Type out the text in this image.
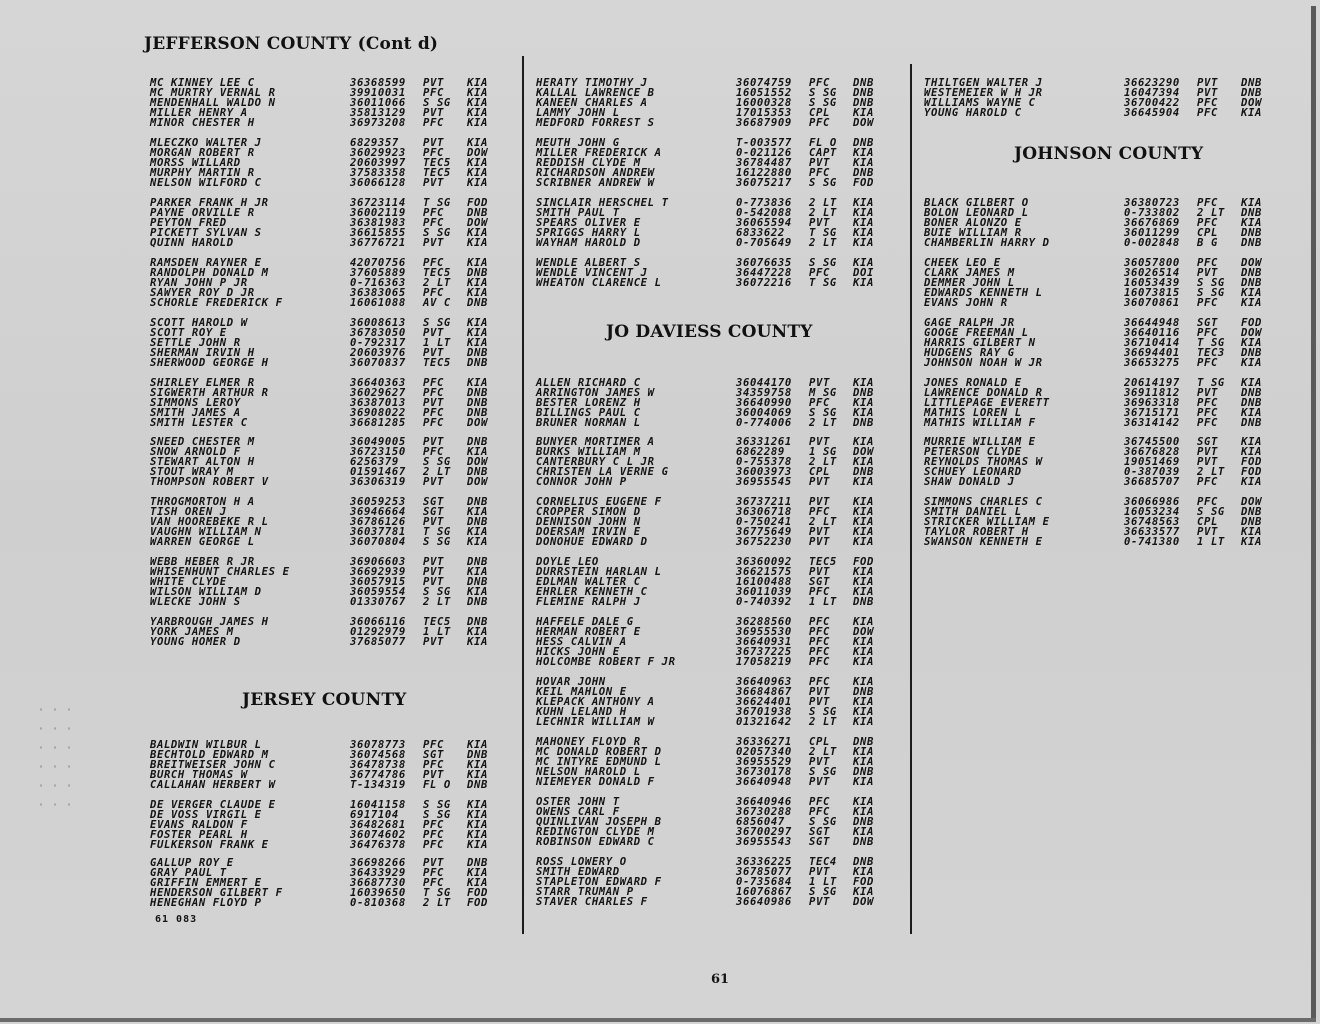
JEFFERSON COUNTY (Cont d)
MC KINNEY LEE C	36368599 PVT KIA
MC MURTRY VERNAL R	39910031 PFC KIA
MENDENHALL WALDO N	36011066 S SG KIA
MILLER HENRY A	35813129 PVT KIA
MINOR CHESTER H	36973208 PFC KIA
MLECZKO WALTER J	6829357 PVT KIA
MORGAN ROBERT R	36029923 PFC DOW
MORSS WILLARD	20603997 TEC5 KIA
MURPHY MARTIN R	37583358 TEC5 KIA
NELSON WILFORD C	36066128 PVT KIA
PARKER FRANK H JR	36723114 T SG FOD
PAYNE ORVILLE R	36002119 PFC DNB
PEYTON FRED	36381983 PFC DOW
PICKETT SYLVAN S	36615855 S SG KIA
QUINN HAROLD	36776721 PVT KIA
RAMSDEN RAYNER E	42070756 PFC KIA
RANDOLPH DONALD M	37605889 TEC5 DNB
RYAN JOHN P JR	0-716363 2 LT KIA
SAWYER ROY D JR	36383065 PFC KIA
SCHORLE FREDERICK F	16061088 AV C DNB
SCOTT HAROLD W	36008613 S SG KIA
SCOTT ROY E	36783050 PVT KIA
SETTLE JOHN R	0-792317 1 LT KIA
SHERMAN IRVIN H	20603976 PVT DNB
SHERWOOD GEORGE H	36070837 TEC5 DNB
SHIRLEY ELMER R	36640363 PFC KIA
SIGWERTH ARTHUR R	36029627 PFC DNB
SIMMONS LEROY	36387013 PVT DNB
SMITH JAMES A	36908022 PFC DNB
SMITH LESTER C	36681285 PFC DOW
SNEED CHESTER M	36049005 PVT DNB
SNOW ARNOLD F	36723150 PFC KIA
STEWART ALTON H	6256379 S SG DOW
STOUT WRAY M	01591467 2 LT DNB
THOMPSON ROBERT V	36306319 PVT DOW
THROGMORTON H A	36059253 SGT DNB
TISH OREN J	36946664 SGT KIA
VAN HOOREBEKE R L	36786126 PVT DNB
VAUGHN WILLIAM N	36037781 T SG KIA
WARREN GEORGE L	36070804 S SG KIA
WEBB HEBER R JR	36906603 PVT DNB
WHISENHUNT CHARLES E	36692939 PVT KIA
WHITE CLYDE	36057915 PVT DNB
WILSON WILLIAM D	36059554 S SG KIA
WLECKE JOHN S	01330767 2 LT DNB
YARBROUGH JAMES H	36066116 TEC5 DNB
YORK JAMES M	01292979 1 LT KIA
YOUNG HOMER D	37685077 PVT KIA
JERSEY COUNTY
BALDWIN WILBUR L	36078773 PFC KIA
BECHTOLD EDWARD M	36074568 SGT DNB
BREITWEISER JOHN C	36478738 PFC KIA
BURCH THOMAS W	36774786 PVT KIA
CALLAHAN HERBERT W	T-134319 FL O DNB
DE VERGER CLAUDE E	16041158 S SG KIA
DE VOSS VIRGIL E	6917104 S SG KIA
EVANS RALDON F	36482681 PFC KIA
FOSTER PEARL H	36074602 PFC KIA
FULKERSON FRANK E	36476378 PFC KIA
GALLUP ROY E	36698266 PVT DNB
GRAY PAUL T	36433929 PFC KIA
GRIFFIN EMMERT E	36687730 PFC KIA
HENDERSON GILBERT F	16039650 T SG FOD
HENEGHAN FLOYD P	0-810368 2 LT FOD
HERATY TIMOTHY J	36074759 PFC DNB
KALLAL LAWRENCE B	16051552 S SG DNB
KANEEN CHARLES A	16000328 S SG DNB
LAMMY JOHN L	17015353 CPL KIA
MEDFORD FORREST S	36687909 PFC DOW
MEUTH JOHN G	T-003577 FL O DNB
MILLER FREDERICK A	0-021126 CAPT KIA
REDDISH CLYDE M	36784487 PVT KIA
RICHARDSON ANDREW	16122880 PFC DNB
SCRIBNER ANDREW W	36075217 S SG FOD
SINCLAIR HERSCHEL T	0-773836 2 LT KIA
SMITH PAUL T	0-542088 2 LT KIA
SPEARS OLIVER E	36065594 PVT KIA
SPRIGGS HARRY L	6833622 T SG KIA
WAYHAM HAROLD D	0-705649 2 LT KIA
WENDLE ALBERT S	36076635 S SG KIA
WENDLE VINCENT J	36447228 PFC DOI
WHEATON CLARENCE L	36072216 T SG KIA
JO DAVIESS COUNTY
ALLEN RICHARD C	36044170 PVT KIA
ARRINGTON JAMES W	34359758 M SG DNB
BESTER LORENZ H	36640990 PFC KIA
BILLINGS PAUL C	36004069 S SG KIA
BRUNER NORMAN L	0-774006 2 LT DNB
BUNYER MORTIMER A	36331261 PVT KIA
BURKS WILLIAM M	6862289 1 SG DOW
CANTERBURY C L JR	0-755378 2 LT KIA
CHRISTEN LA VERNE G	36003973 CPL DNB
CONNOR JOHN P	36955545 PVT KIA
CORNELIUS EUGENE F	36737211 PVT KIA
CROPPER SIMON D	36306718 PFC KIA
DENNISON JOHN N	0-750241 2 LT KIA
DOERSAM IRVIN E	36775649 PVT KIA
DONOHUE EDWARD D	36752230 PVT KIA
DOYLE LEO	36360092 TEC5 FOD
DURRSTEIN HARLAN L	36621575 PVT KIA
EDLMAN WALTER C	16100488 SGT KIA
EHRLER KENNETH C	36011039 PFC KIA
FLEMINE RALPH J	0-740392 1 LT DNB
HAFFELE DALE G	36288560 PFC KIA
HERMAN ROBERT E	36955530 PFC DOW
HESS CALVIN A	36640931 PFC KIA
HICKS JOHN E	36737225 PFC KIA
HOLCOMBE ROBERT F JR	17058219 PFC KIA
HOVAR JOHN	36640963 PFC KIA
KEIL MAHLON E	36684867 PVT DNB
KLEPACK ANTHONY A	36624401 PVT KIA
KUHN LELAND H	36701938 S SG KIA
LECHNIR WILLIAM W	01321642 2 LT KIA
MAHONEY FLOYD R	36336271 CPL DNB
MC DONALD ROBERT D	02057340 2 LT KIA
MC INTYRE EDMUND L	36955529 PVT KIA
NELSON HAROLD L	36730178 S SG DNB
NIEMEYER DONALD F	36640948 PVT KIA
OSTER JOHN T	36640946 PFC KIA
OWENS CARL F	36730288 PFC KIA
QUINLIVAN JOSEPH B	6856047 S SG DNB
REDINGTON CLYDE M	36700297 SGT KIA
ROBINSON EDWARD C	36955543 SGT DNB
ROSS LOWERY O	36336225 TEC4 DNB
SMITH EDWARD	36785077 PVT KIA
STAPLETON EDWARD F	0-735684 1 LT FOD
STARR TRUMAN P	16076867 S SG KIA
STAVER CHARLES F	36640986 PVT DOW
THILTGEN WALTER J	36623290 PVT DNB
WESTEMEIER W H JR	16047394 PVT DNB
WILLIAMS WAYNE C	36700422 PFC DOW
YOUNG HAROLD C	36645904 PFC KIA
JOHNSON COUNTY
BLACK GILBERT O	36380723 PFC KIA
BOLON LEONARD L	0-733802 2 LT DNB
BONER ALONZO E	36676869 PFC KIA
BUIE WILLIAM R	36011299 CPL DNB
CHAMBERLIN HARRY D	0-002848 B G DNB
CHEEK LEO E	36057800 PFC DOW
CLARK JAMES M	36026514 PVT DNB
DEMMER JOHN L	16053439 S SG DNB
EDWARDS KENNETH L	16073815 S SG KIA
EVANS JOHN R	36070861 PFC KIA
GAGE RALPH JR	36644948 SGT FOD
GOOGE FREEMAN L	36640116 PFC DOW
HARRIS GILBERT N	36710414 T SG KIA
HUDGENS RAY G	36694401 TEC3 DNB
JOHNSON NOAH W JR	36653275 PFC KIA
JONES RONALD E	20614197 T SG KIA
LAWRENCE DONALD R	36911812 PVT DNB
LITTLEPAGE EVERETT	36963318 PFC DNB
MATHIS LOREN L	36715171 PFC KIA
MATHIS WILLIAM F	36314142 PFC DNB
MURRIE WILLIAM E	36745500 SGT KIA
PETERSON CLYDE	36676828 PVT KIA
REYNOLDS THOMAS W	19051469 PVT FOD
SCHUEY LEONARD	0-387039 2 LT FOD
SHAW DONALD J	36685707 PFC KIA
SIMMONS CHARLES C	36066986 PFC DOW
SMITH DANIEL L	16053234 S SG DNB
STRICKER WILLIAM E	36748563 CPL DNB
TAYLOR ROBERT H	36633577 PVT KIA
SWANSON KENNETH E	0-741380 1 LT KIA
61 083
61
